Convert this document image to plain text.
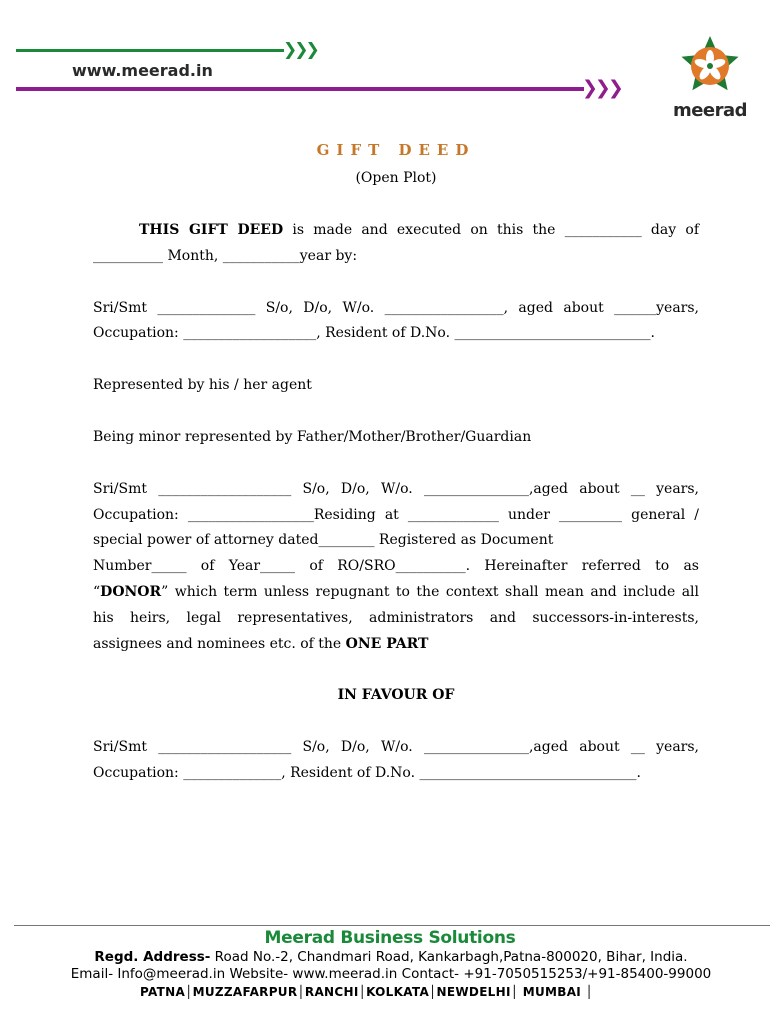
❯❯❯
www.meerad.in
❯❯❯
meerad
GIFT DEED
(Open Plot)

THIS GIFT DEED is made and executed on this the ___________ day of __________ Month, ___________year by:

Sri/Smt ______________ S/o, D/o, W/o. _________________, aged about ______years, Occupation: ___________________, Resident of D.No. ____________________________.

Represented by his / her agent

Being minor represented by Father/Mother/Brother/Guardian

Sri/Smt ___________________ S/o, D/o, W/o. _______________,aged about __ years, Occupation: __________________Residing at _____________ under _________ general / special power of attorney dated________ Registered as Document

Number_____ of Year_____ of RO/SRO__________. Hereinafter referred to as “DONOR” which term unless repugnant to the context shall mean and include all his heirs, legal representatives, administrators and successors-in-interests, assignees and nominees etc. of the ONE PART

IN FAVOUR OF

Sri/Smt ___________________ S/o, D/o, W/o. _______________,aged about __ years, Occupation: ______________, Resident of D.No. _______________________________.

Meerad Business Solutions
Regd. Address- Road No.-2, Chandmari Road, Kankarbagh,Patna-800020, Bihar, India.
Email- Info@meerad.in Website- www.meerad.in Contact- +91-7050515253/+91-85400-99000
PATNA│MUZZAFARPUR│RANCHI│KOLKATA│NEWDELHI│ MUMBAI │
